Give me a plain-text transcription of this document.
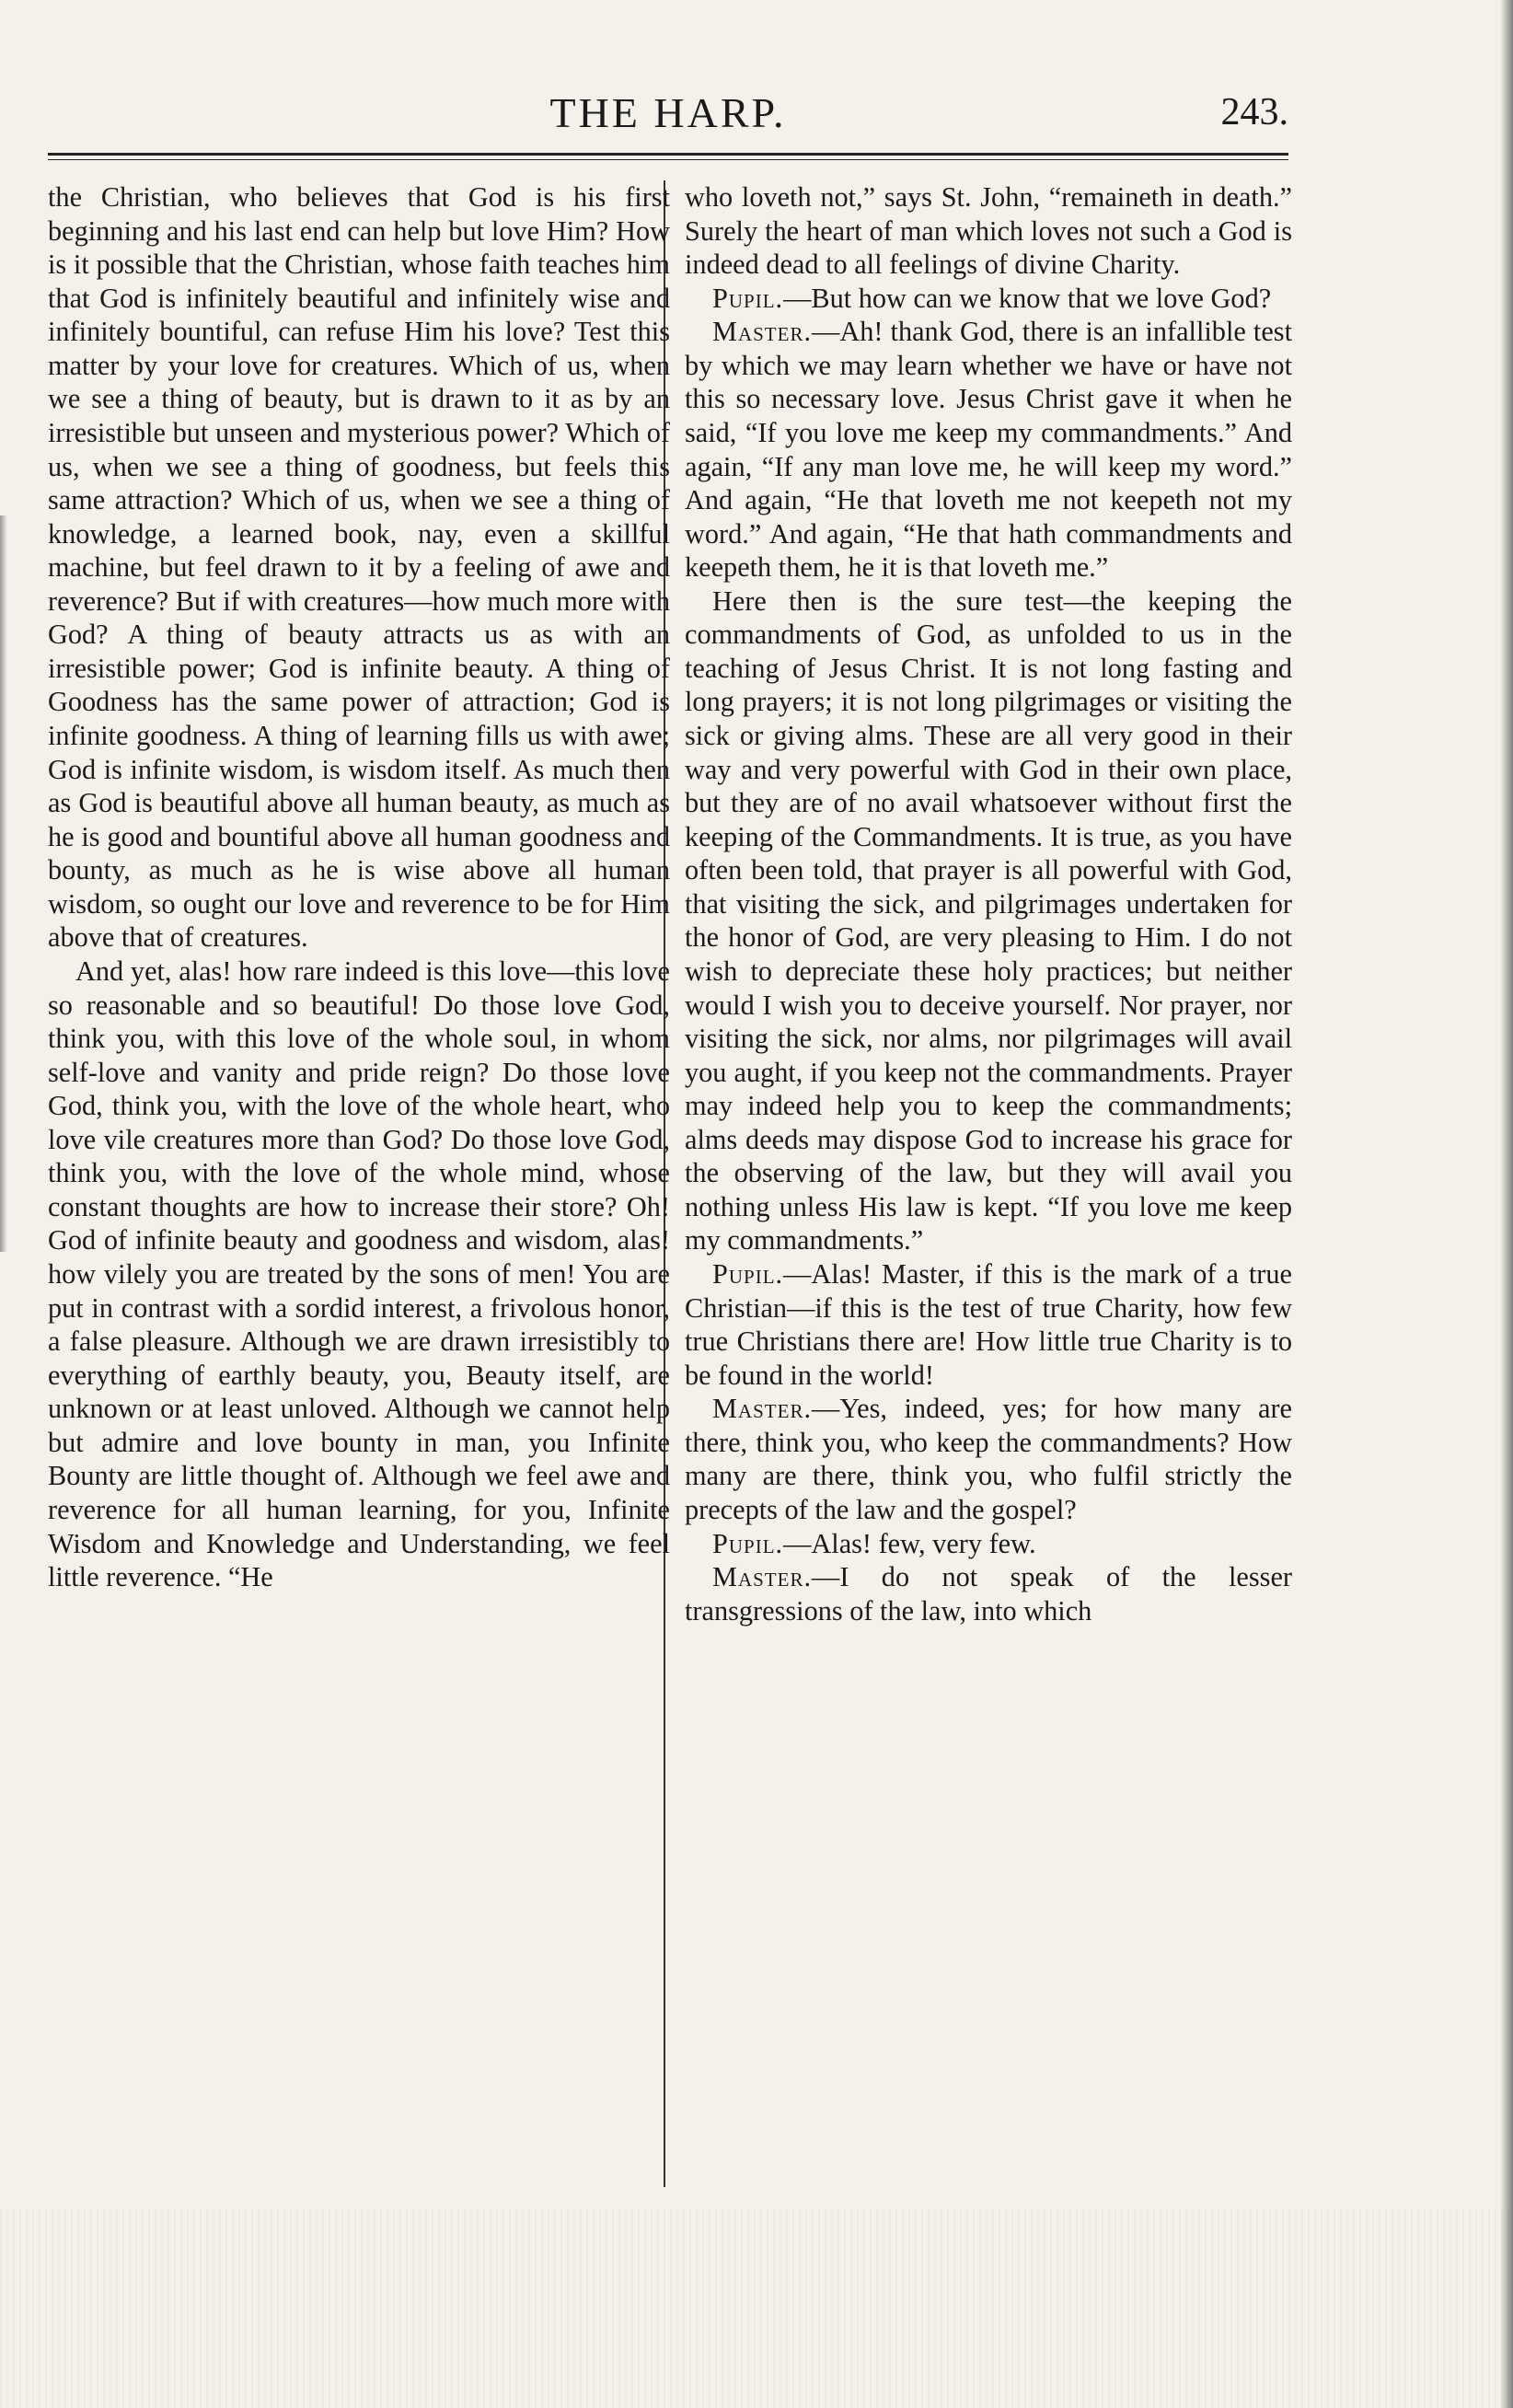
THE HARP.	243.

the Christian, who believes that God is his first beginning and his last end can help but love Him? How is it possible that the Christian, whose faith teaches him that God is infinitely beautiful and infinitely wise and infinitely bountiful, can refuse Him his love? Test this matter by your love for creatures. Which of us, when we see a thing of beauty, but is drawn to it as by an irresistible but unseen and mysterious power? Which of us, when we see a thing of goodness, but feels this same attraction? Which of us, when we see a thing of knowledge, a learned book, nay, even a skillful machine, but feel drawn to it by a feeling of awe and reverence? But if with creatures—how much more with God? A thing of beauty attracts us as with an irresistible power; God is infinite beauty. A thing of Goodness has the same power of attraction; God is infinite goodness. A thing of learning fills us with awe; God is infinite wisdom, is wisdom itself. As much then as God is beautiful above all human beauty, as much as he is good and bountiful above all human goodness and bounty, as much as he is wise above all human wisdom, so ought our love and reverence to be for Him above that of creatures.

And yet, alas! how rare indeed is this love—this love so reasonable and so beautiful! Do those love God, think you, with this love of the whole soul, in whom self-love and vanity and pride reign? Do those love God, think you, with the love of the whole heart, who love vile creatures more than God? Do those love God, think you, with the love of the whole mind, whose constant thoughts are how to increase their store? Oh! God of infinite beauty and goodness and wisdom, alas! how vilely you are treated by the sons of men! You are put in contrast with a sordid interest, a frivolous honor, a false pleasure. Although we are drawn irresistibly to everything of earthly beauty, you, Beauty itself, are unknown or at least unloved. Although we cannot help but admire and love bounty in man, you Infinite Bounty are little thought of. Although we feel awe and reverence for all human learning, for you, Infinite Wisdom and Knowledge and Understanding, we feel little reverence. “He

who loveth not,” says St. John, “remaineth in death.” Surely the heart of man which loves not such a God is indeed dead to all feelings of divine Charity.

Pupil.—But how can we know that we love God?

Master.—Ah! thank God, there is an infallible test by which we may learn whether we have or have not this so necessary love. Jesus Christ gave it when he said, “If you love me keep my commandments.” And again, “If any man love me, he will keep my word.” And again, “He that loveth me not keepeth not my word.” And again, “He that hath commandments and keepeth them, he it is that loveth me.”

Here then is the sure test—the keeping the commandments of God, as unfolded to us in the teaching of Jesus Christ. It is not long fasting and long prayers; it is not long pilgrimages or visiting the sick or giving alms. These are all very good in their way and very powerful with God in their own place, but they are of no avail whatsoever without first the keeping of the Commandments. It is true, as you have often been told, that prayer is all powerful with God, that visiting the sick, and pilgrimages undertaken for the honor of God, are very pleasing to Him. I do not wish to depreciate these holy practices; but neither would I wish you to deceive yourself. Nor prayer, nor visiting the sick, nor alms, nor pilgrimages will avail you aught, if you keep not the commandments. Prayer may indeed help you to keep the commandments; alms deeds may dispose God to increase his grace for the observing of the law, but they will avail you nothing unless His law is kept. “If you love me keep my commandments.”

Pupil.—Alas! Master, if this is the mark of a true Christian—if this is the test of true Charity, how few true Christians there are! How little true Charity is to be found in the world!

Master.—Yes, indeed, yes; for how many are there, think you, who keep the commandments? How many are there, think you, who fulfil strictly the precepts of the law and the gospel?

Pupil.—Alas! few, very few.

Master.—I do not speak of the lesser transgressions of the law, into which
